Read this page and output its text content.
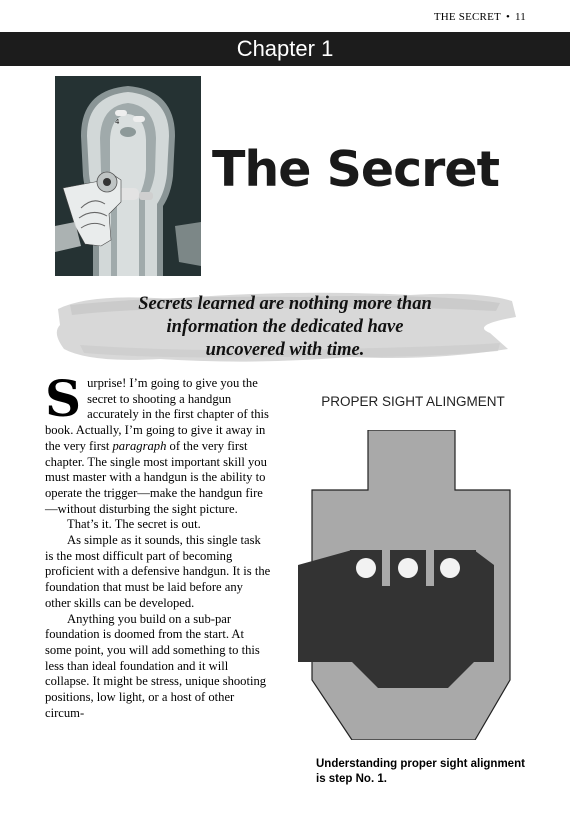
THE SECRET • 11
Chapter 1
4
The Secret
Secrets learned are nothing more than
information the dedicated have
uncovered with time.

Surprise! I’m going to give you the secret to shooting a handgun accurately in the first chapter of this book. Actually, I’m going to give it away in the very first paragraph of the very first chapter. The single most important skill you must master with a handgun is the ability to operate the trigger—make the handgun fire—without disturbing the sight picture.

That’s it. The secret is out.

As simple as it sounds, this single task is the most difficult part of becoming proficient with a defensive handgun. It is the foundation that must be laid before any other skills can be developed.

Anything you build on a sub-par foundation is doomed from the start. At some point, you will add something to this less than ideal foundation and it will collapse. It might be stress, unique shooting positions, low light, or a host of other circum-

PROPER SIGHT ALINGMENT
Understanding proper sight alignment is step No. 1.
